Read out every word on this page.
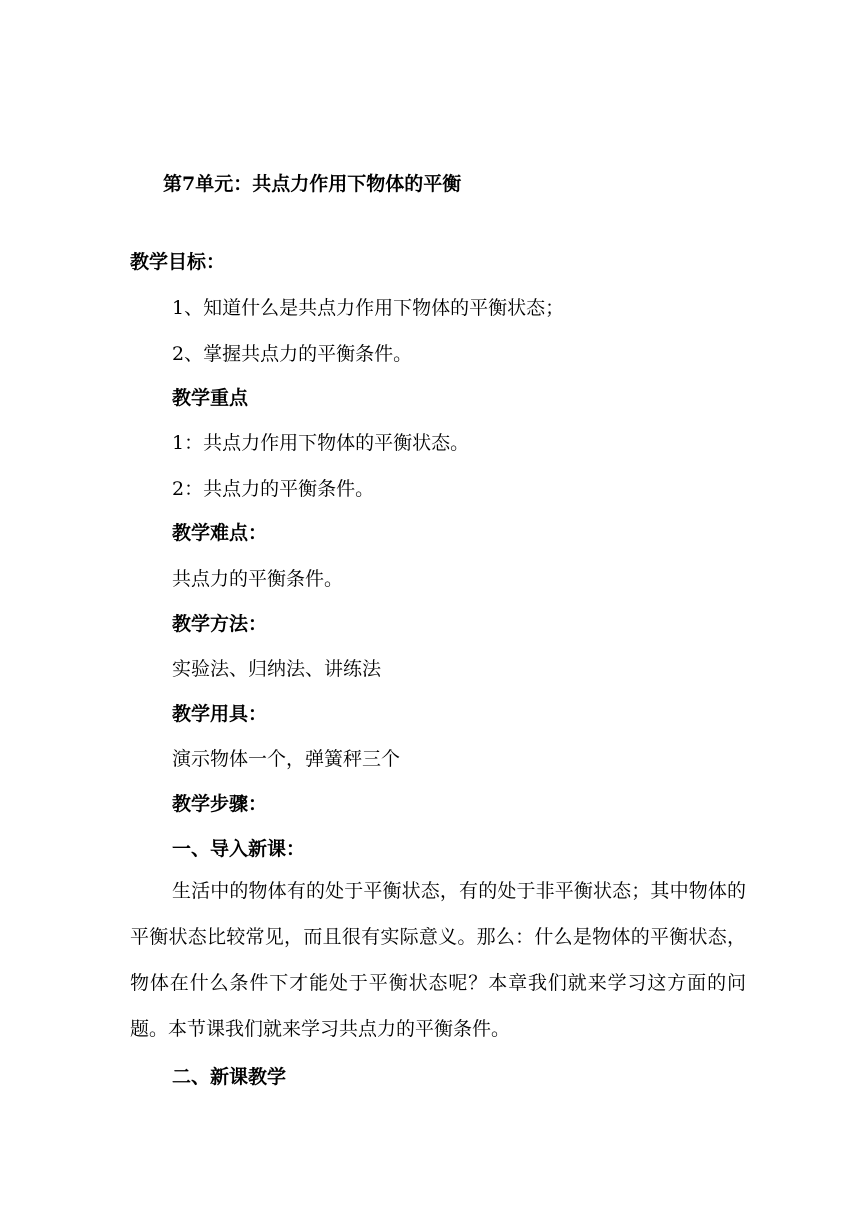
第7单元：共点力作用下物体的平衡
教学目标：
1、知道什么是共点力作用下物体的平衡状态；
2、掌握共点力的平衡条件。
教学重点
1：共点力作用下物体的平衡状态。
2：共点力的平衡条件。
教学难点：
共点力的平衡条件。
教学方法：
实验法、归纳法、讲练法
教学用具：
演示物体一个，弹簧秤三个
教学步骤：
一、导入新课：
生活中的物体有的处于平衡状态，有的处于非平衡状态；其中物体的平衡状态比较常见，而且很有实际意义。那么：什么是物体的平衡状态，物体在什么条件下才能处于平衡状态呢？本章我们就来学习这方面的问题。本节课我们就来学习共点力的平衡条件。
二、新课教学
